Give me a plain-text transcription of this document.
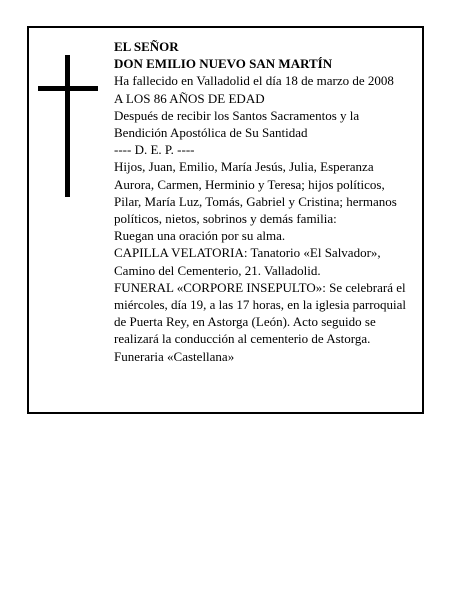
EL SEÑOR

DON EMILIO NUEVO SAN MARTÍN

Ha fallecido en Valladolid el día 18 de marzo de 2008

A LOS 86 AÑOS DE EDAD

Después de recibir los Santos Sacramentos y la

Bendición Apostólica de Su Santidad

---- D. E. P. ----

Hijos, Juan, Emilio, María Jesús, Julia, Esperanza

Aurora, Carmen, Herminio y Teresa; hijos políticos,

Pilar, María Luz, Tomás, Gabriel y Cristina; hermanos

políticos, nietos, sobrinos y demás familia:

Ruegan una oración por su alma.

CAPILLA VELATORIA: Tanatorio «El Salvador»,

Camino del Cementerio, 21. Valladolid.

FUNERAL «CORPORE INSEPULTO»: Se celebrará el

miércoles, día 19, a las 17 horas, en la iglesia parroquial

de Puerta Rey, en Astorga (León). Acto seguido se

realizará la conducción al cementerio de Astorga.

Funeraria «Castellana»
